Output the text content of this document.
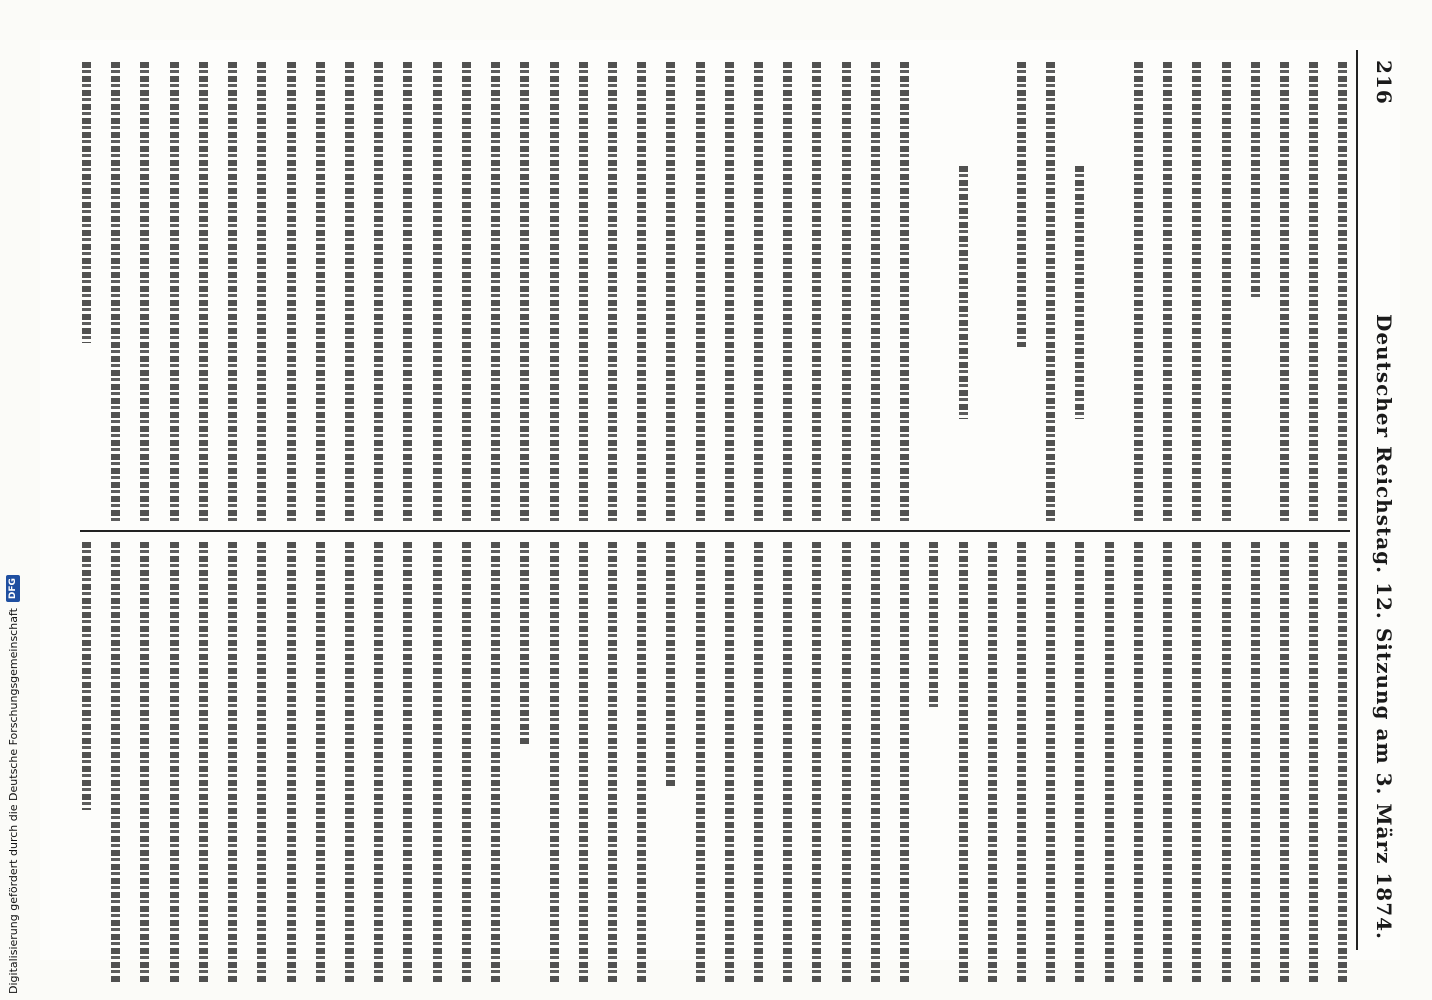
216
Deutscher Reichstag. 12. Sitzung am 3. März 1874.
Digitalisierung gefördert durch die Deutsche Forschungsgemeinschaft
DFG
